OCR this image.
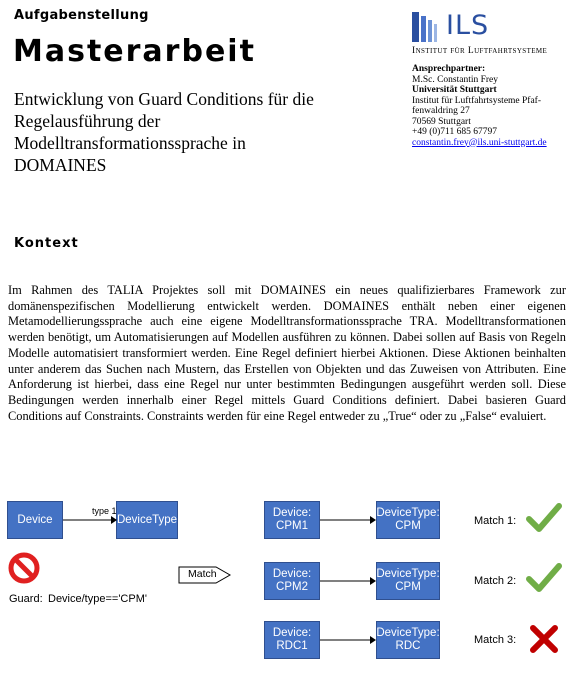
Aufgabenstellung
Masterarbeit
Entwicklung von Guard Conditions für die
Regelausführung der
Modelltransformationssprache in
DOMAINES
ILS
Institut für Luftfahrtsysteme
Ansprechpartner:
M.Sc. Constantin Frey
Universität Stuttgart
Institut für Luftfahrtsysteme Pfaf-
fenwaldring 27
70569 Stuttgart
+49 (0)711 685 67797
constantin.frey@ils.uni-stuttgart.de
Kontext
Im Rahmen des TALIA Projektes soll mit DOMAINES ein neues qualifizierbares Framework zur domänenspezifischen Modellierung entwickelt werden. DOMAINES enthält neben einer eigenen Metamodellierungssprache auch eine eigene Modelltransformationssprache TRA. Modelltransformationen werden benötigt, um Automatisierungen auf Modellen ausführen zu können. Dabei sollen auf Basis von Regeln Modelle automatisiert transformiert werden. Eine Regel definiert hierbei Aktionen. Diese Aktionen beinhalten unter anderem das Suchen nach Mustern, das Erstellen von Objekten und das Zuweisen von Attributen. Eine Anforderung ist hierbei, dass eine Regel nur unter bestimmten Bedingungen ausgeführt werden soll. Diese Bedingungen werden innerhalb einer Regel mittels Guard Conditions definiert. Dabei basieren Guard Conditions auf Constraints. Constraints werden für eine Regel entweder zu „True“ oder zu „False“ evaluiert.
Device	DeviceType
type 1
Guard: Device/type=='CPM'
Match
Device:
CPM1
DeviceType:
CPM	Match 1:
Device:
CPM2
DeviceType:
CPM	Match 2:
Device:
RDC1
DeviceType:
RDC	Match 3:
